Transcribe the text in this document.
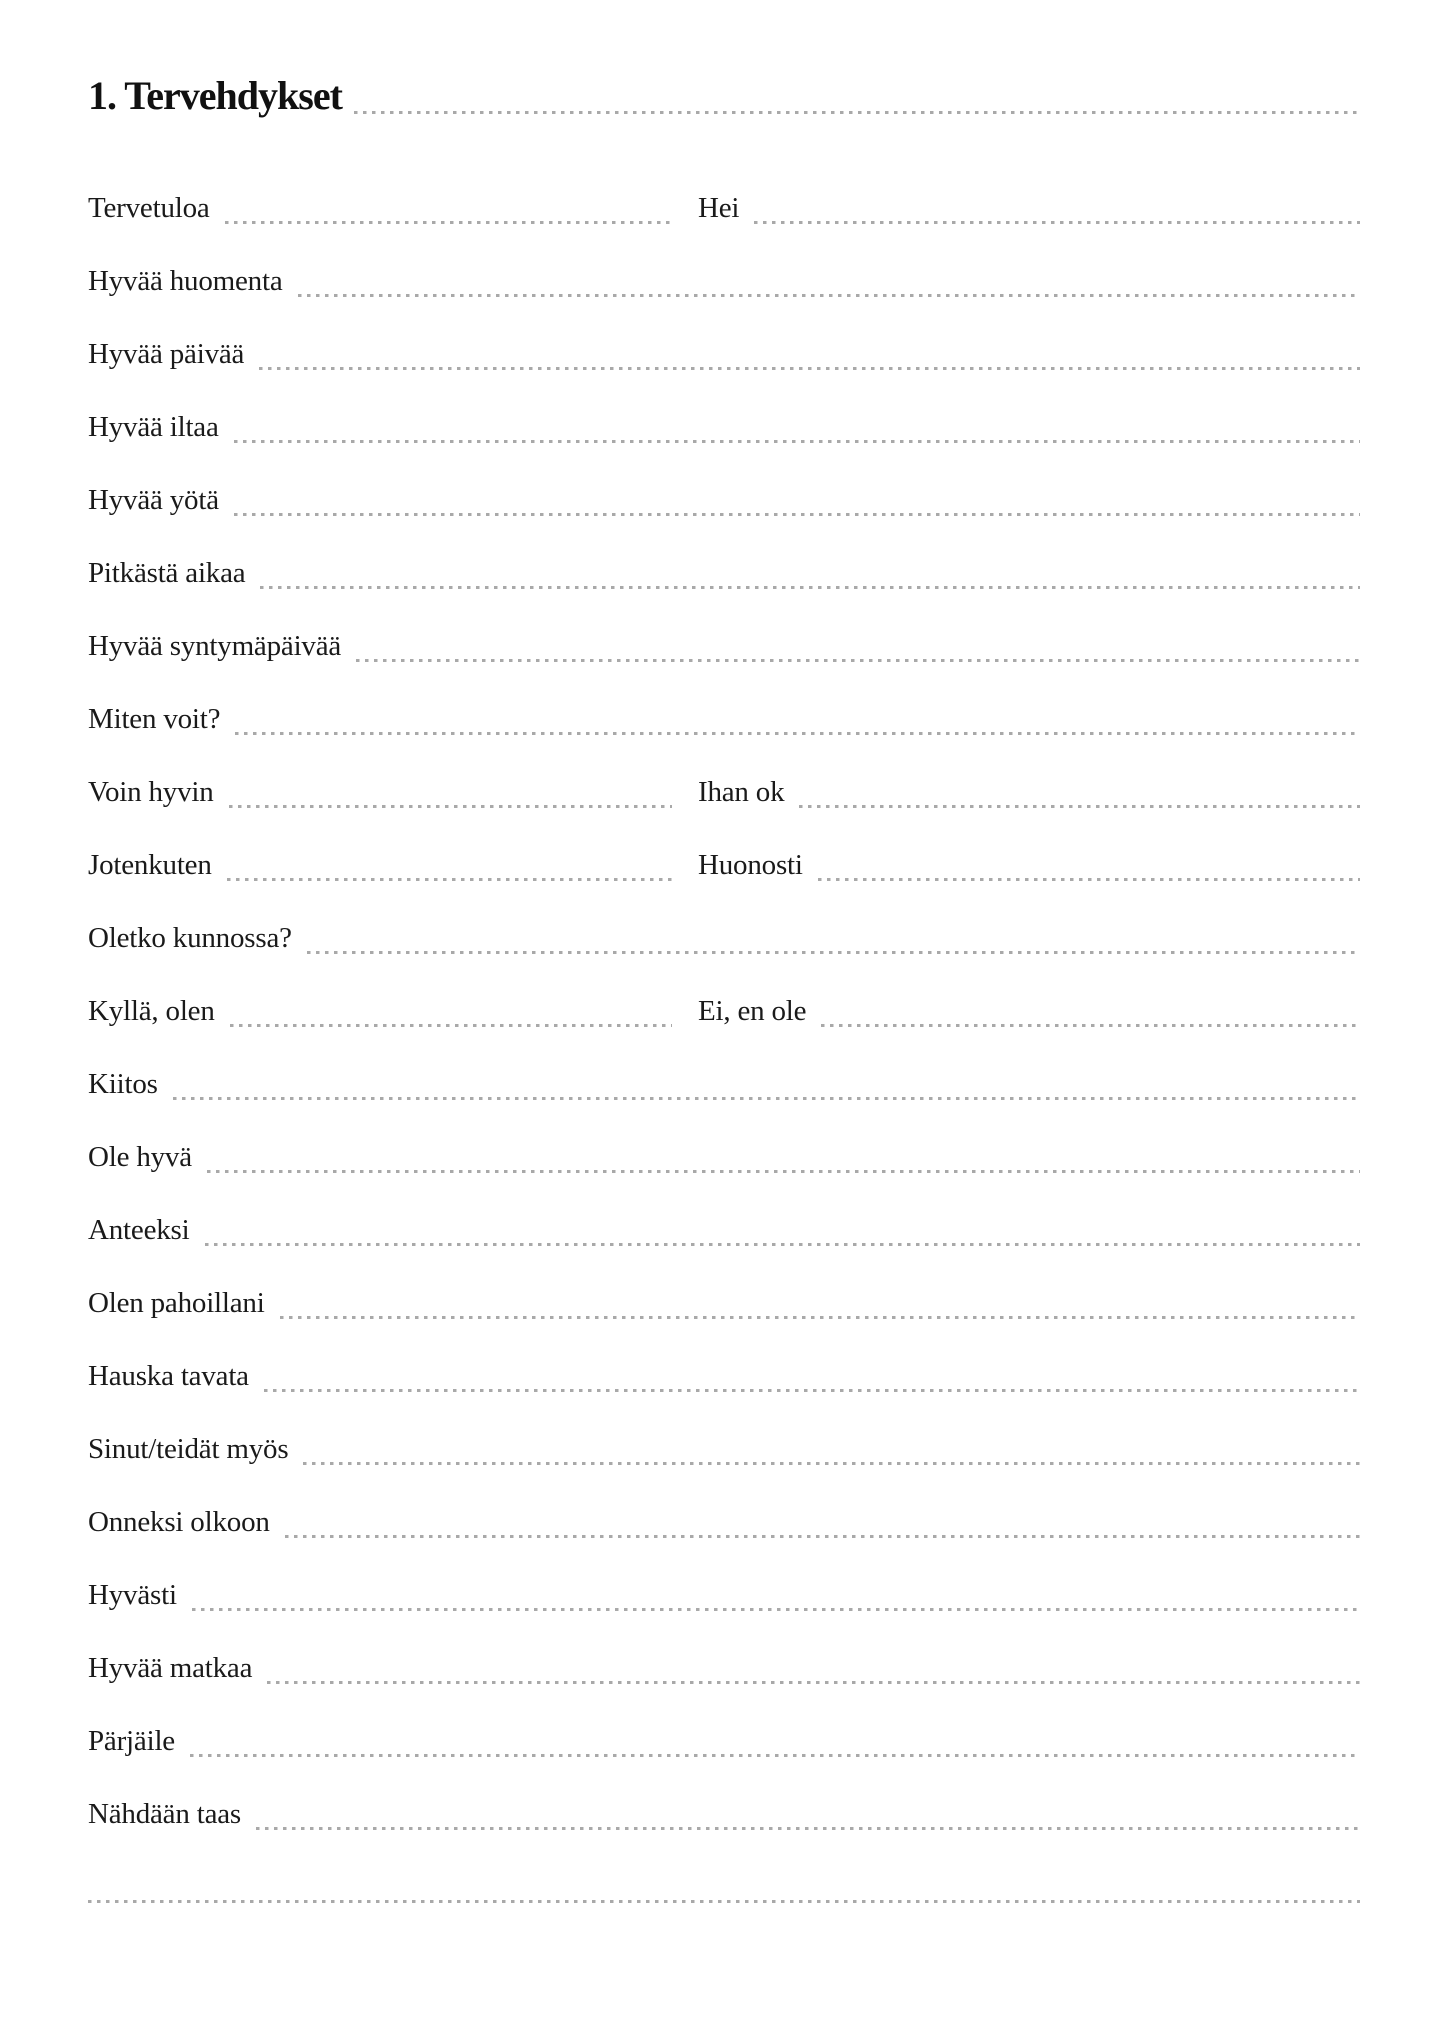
1. Tervehdykset
Tervetuloa	Hei
Hyvää huomenta
Hyvää päivää
Hyvää iltaa
Hyvää yötä
Pitkästä aikaa
Hyvää syntymäpäivää
Miten voit?
Voin hyvin	Ihan ok
Jotenkuten	Huonosti
Oletko kunnossa?
Kyllä, olen	Ei, en ole
Kiitos
Ole hyvä
Anteeksi
Olen pahoillani
Hauska tavata
Sinut/teidät myös
Onneksi olkoon
Hyvästi
Hyvää matkaa
Pärjäile
Nähdään taas
